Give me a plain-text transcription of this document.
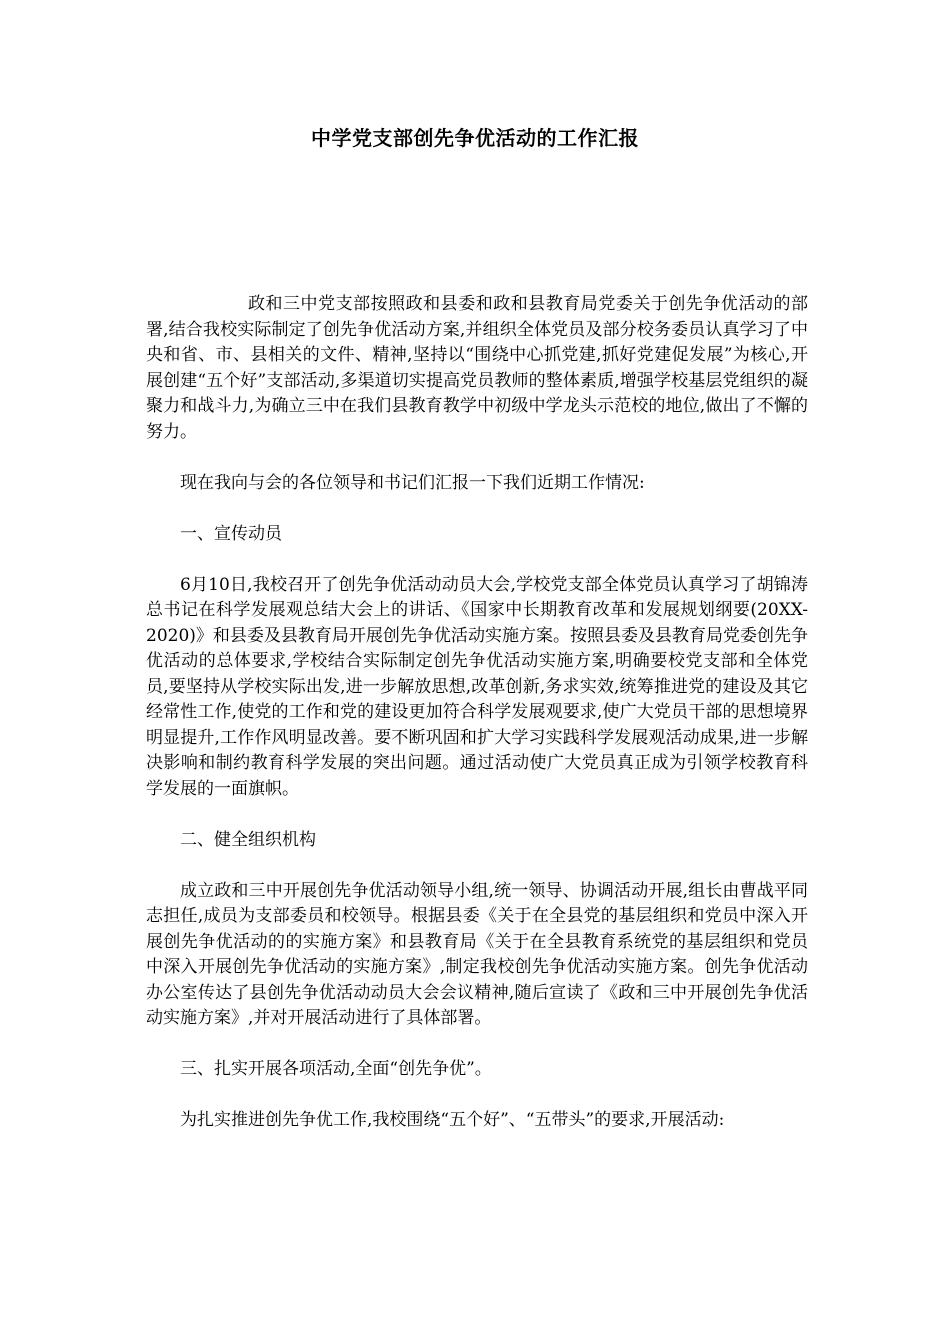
中学党支部创先争优活动的工作汇报

政和三中党支部按照政和县委和政和县教育局党委关于创先争优活动的部署,结合我校实际制定了创先争优活动方案,并组织全体党员及部分校务委员认真学习了中央和省、市、县相关的文件、精神,坚持以“围绕中心抓党建,抓好党建促发展”为核心,开展创建“五个好”支部活动,多渠道切实提高党员教师的整体素质,增强学校基层党组织的凝聚力和战斗力,为确立三中在我们县教育教学中初级中学龙头示范校的地位,做出了不懈的努力。

现在我向与会的各位领导和书记们汇报一下我们近期工作情况:

一、宣传动员

6月10日,我校召开了创先争优活动动员大会,学校党支部全体党员认真学习了胡锦涛总书记在科学发展观总结大会上的讲话、《国家中长期教育改革和发展规划纲要(20XX-2020)》和县委及县教育局开展创先争优活动实施方案。按照县委及县教育局党委创先争优活动的总体要求,学校结合实际制定创先争优活动实施方案,明确要校党支部和全体党员,要坚持从学校实际出发,进一步解放思想,改革创新,务求实效,统筹推进党的建设及其它经常性工作,使党的工作和党的建设更加符合科学发展观要求,使广大党员干部的思想境界明显提升,工作作风明显改善。要不断巩固和扩大学习实践科学发展观活动成果,进一步解决影响和制约教育科学发展的突出问题。通过活动使广大党员真正成为引领学校教育科学发展的一面旗帜。

二、健全组织机构

成立政和三中开展创先争优活动领导小组,统一领导、协调活动开展,组长由曹战平同志担任,成员为支部委员和校领导。根据县委《关于在全县党的基层组织和党员中深入开展创先争优活动的的实施方案》和县教育局《关于在全县教育系统党的基层组织和党员中深入开展创先争优活动的实施方案》,制定我校创先争优活动实施方案。创先争优活动办公室传达了县创先争优活动动员大会会议精神,随后宣读了《政和三中开展创先争优活动实施方案》,并对开展活动进行了具体部署。

三、扎实开展各项活动,全面“创先争优”。

为扎实推进创先争优工作,我校围绕“五个好”、“五带头”的要求,开展活动:
